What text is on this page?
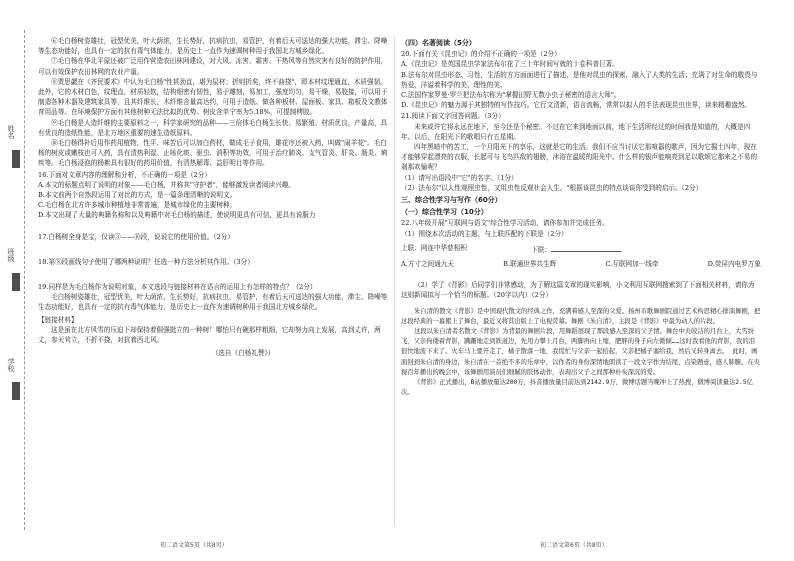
姓名
班级
学校

⑥毛白杨树姿雄壮，冠型优美，叶大荫浓，生长势好，抗病抗虫，易管护，有着后天可送达的强大功能，滞尘、降噪等生态功能好，也具有一定的抗有毒气体能力，是历史上一直作为速调树种用于我国北方城乡绿化。

⑦毛白杨在华北平原还被广泛用作营造农田林网建设，对大风、冻害、霜害、干热风等自然灾害有良好的防护作用，可以有效保护农田林网的农业产量。

⑧贾思勰在《齐民要术》中认为毛白杨"性甚劲直，堪为屋材；折则折矣，终不曲挠"，即本材纹理通直，木质强韧。此外，它的木材白色，纹理直，材质轻软，结构细密有韧性，易于雕刻，易加工，强度均匀，易干燥，易胶接，可以用于制造各种木器及建筑家具等，且其纤维长，木纤维含量高达约，可用于造纸、做各种板材、屋面板、家具、箱板及文教体育用品等。在环境保护方面有其他树种无法比拟的优势。树皮含单宁率为5.18%，可提制栲胶。

⑨毛白杨是人造纤维的主要原料之一，科学家研究的品种——三倍体毛白杨生长快、易繁殖、材质优良，产量高，具有优良的造纸性能，是北方地区重要的速生造纸原料。

⑩毛白杨得补后用作药用植物，性平、味苦后可以加白药材，做成毛子食用，雄花序还被入药，叫做"闹羊花"。毛白杨的树皮或嫩枝也可入药，具有清热利湿、止咳化痰、驱虫、消积等功效，可用于治疗肺炎、支气管炎、肝炎、肠炎、痢疾等。毛白杨浸泡的杨絮具有很好的药用价值，有清热解毒、益肝明目等作用。

16.下面对文章内容的理解和分析，不正确的一项是（2分）

A.本文的标题点明了说明的对象——毛白杨，并称其"守护者"，能够激发读者阅读兴趣。

B.本文前两个自然段运用了对比的方式，是一篇条理清晰的说明文。

C.毛白杨在北方许多城市种植地非常普遍，是城市绿化的主要树种。

D.本文出现了大量的典籍名称和以及典籍中对毛白杨的描述，使说明更具有可信，更具有说服力

17.白杨树全身是宝，仅读③——⑩段，说说它的使用价值。（2分）

18.第⑧段画线句子使用了哪两种说明？任选一种方法分析其作用。（3分）

19.同样是为毛白杨作为说明对象，本文选段与链接材料在语言的运用上有怎样的特点？（2分）

毛白杨树姿雄壮，冠型优美，叶大荫浓，生长势好，抗病抗虫，易管护，有着后天可送达的强大功能，滞尘、降噪等生态功能好，也具有一定的抗有毒气体能力，是历史上一直作为速调树种用于我国北方城乡绿化。

【链接材料】

这是虽在北方风雪的压迫下却保持着倔强挺立的一种树！哪怕只有碗那样粗细，它却努力向上发展，高到丈许，两丈，参天耸立，不折不挠，对抗着西北风。

（选自《白杨礼赞》）

（四）名著阅读（5分）

20.下面有关《昆虫记》的介绍不正确的一项是（2分）

A.《昆虫记》是英国昆虫学家法布尔花了三十年时间写就的十卷科普巨著。

B.法布尔对昆虫形态、习性，生活的方方面面进行了描述，是他对昆虫的探索，融入了人类的生活；充满了对生命的敬畏与热爱，洋溢着科学的美、理性的美、

C.法国作家罗曼·罗兰把法布尔称为"掌握田野无数小虫子秘密的语言大师"。

D.《昆虫记》的魅力源于其独特的写作技巧。它行文清新，语言流畅，常常以拟人的手法表现昆虫世界，读来精趣盎然。

21.阅读下面文字回答问题。（3分）

未来或许它将永远在地下，至今还是个秘密。不过在它来到地面以前，地下生活所经过的时间我是知道的，大概是四年。以后，在阳光下的歌唱只有五星期。

四年黑暗中的苦工，一个月阳光下的享乐，这就是它的生活。我们不应当讨厌它那喧嚣的歌声，因为它掘土四年，现在才能够穿起漂亮的衣服，长起可与飞鸟匹敌的翅膀，沐浴在温暖的阳光中。什么样的钹声能响亮到足以歌颂它那来之不易的刹那欢愉呢？

（1）请写出语段中"它"的名字。（1分）

（2）法布尔"以人性观照虫性，又用虫性反观社会人生。"根据该昆虫的特点谈谈你受到的启示。（2分）

三、综合性学习与写作（60分）

（一）综合性学习（10分）

22.八年级开展"互联网与语文"综合性学习活动，请你参加并完成任务。

（1）围绕本次活动的主题，与上联匹配的下联是（2分）

上联：网连中华慈相积	下联：
A.方寸之间通九天	B.联通世界共生辉	C.互联网加一线牵	D.荧屏内电罗万象

（2）学了《背影》后同学们非常感动，为了解这篇文章的现实影响，小文利用互联网搜索到了下面相关材料，请你为这则新闻拟写一个恰当的标题。（20字以内）（2分）

朱自清的散文《背影》是中国现代散文的经典之作，充满着感人至深的父爱。扬州市歌舞剧院通过艺术构思精心排演舞剧，把这段经典的一幕搬上了舞台，最近又将其出版上了电视荧幕。舞剧《朱自清》，主段是《背影》中最为动人的片段。

这段以朱自清者名散文《背影》为背景的舞剧片段，用舞蹈展现了那段感人至深的父子情。舞台中央皎洁的月台上，大雪纷飞，父亲佝偻着背影，蹒跚地走到铁道边，先用力攀上月台，两脚再向上缩，肥胖的身子向左微倾……这时我看他的背影，我的泪很快地流下来了。火车马上要开走了，橘子散落一地，我慌忙与父亲一起拾起，父亲把橘子塞给我，然后又转身离去。 此时，画面回到朱自清的身边，朱自清在一首绝不多的乐章中，以作者的身份深情地朗读了一段文字作为结尾，点染题意，感人肺腑。在央视百年播出的晚会中，该舞剧用演员们细腻的肢体动作，表现出父子之间那种朴实深沉的爱。

《背影》正式播出，B站播放量达200万，抖音播放量目前达到2142.9万，微博话题当晚冲上了热搜，微博阅读量达2.5亿次。

初二语文第5页（共8页）	初二语文第6页（共8页）
